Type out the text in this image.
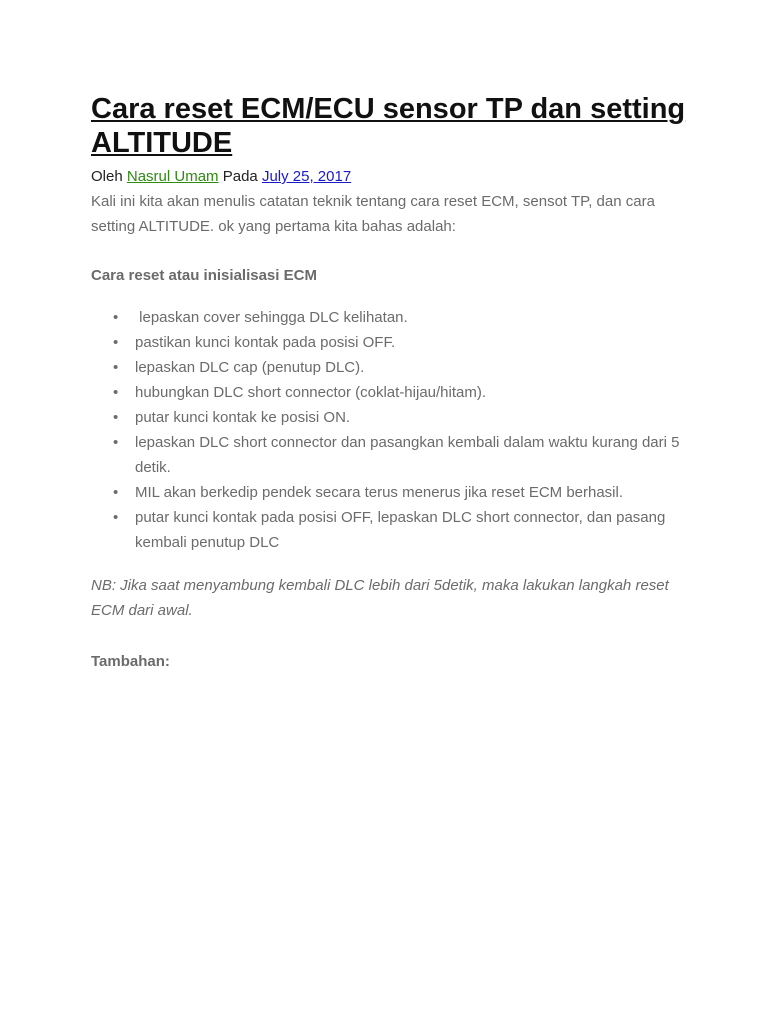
Cara reset ECM/ECU sensor TP dan setting ALTITUDE
Oleh Nasrul Umam Pada July 25, 2017
Kali ini kita akan menulis catatan teknik tentang cara reset ECM, sensot TP, dan cara setting ALTITUDE. ok yang pertama kita bahas adalah:
Cara reset atau inisialisasi ECM
• lepaskan cover sehingga DLC kelihatan.
• pastikan kunci kontak pada posisi OFF.
• lepaskan DLC cap (penutup DLC).
• hubungkan DLC short connector (coklat-hijau/hitam).
• putar kunci kontak ke posisi ON.
• lepaskan DLC short connector dan pasangkan kembali dalam waktu kurang dari 5 detik.
• MIL akan berkedip pendek secara terus menerus jika reset ECM berhasil.
• putar kunci kontak pada posisi OFF, lepaskan DLC short connector, dan pasang kembali penutup DLC
NB: Jika saat menyambung kembali DLC lebih dari 5detik, maka lakukan langkah reset ECM dari awal.
Tambahan:
